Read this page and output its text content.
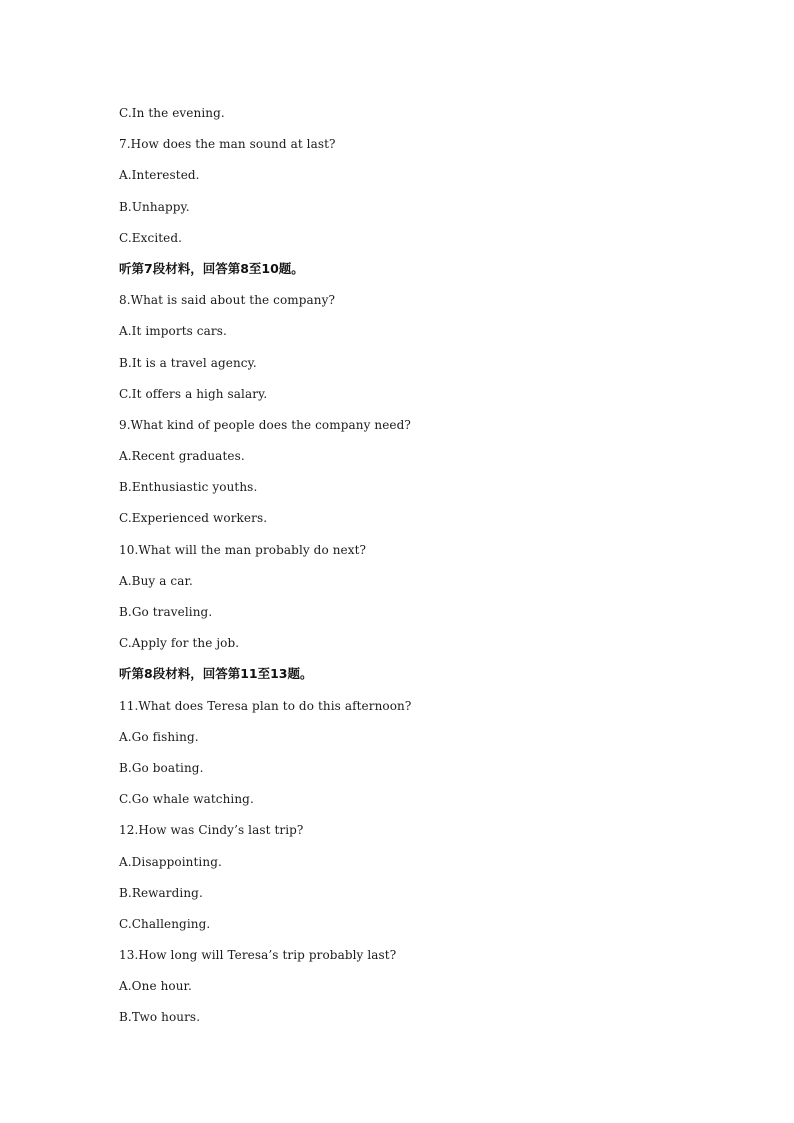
C.In the evening.
7.How does the man sound at last?
A.Interested.
B.Unhappy.
C.Excited.
听第7段材料，回答第8至10题。
8.What is said about the company?
A.It imports cars.
B.It is a travel agency.
C.It offers a high salary.
9.What kind of people does the company need?
A.Recent graduates.
B.Enthusiastic youths.
C.Experienced workers.
10.What will the man probably do next?
A.Buy a car.
B.Go traveling.
C.Apply for the job.
听第8段材料，回答第11至13题。
11.What does Teresa plan to do this afternoon?
A.Go fishing.
B.Go boating.
C.Go whale watching.
12.How was Cindy’s last trip?
A.Disappointing.
B.Rewarding.
C.Challenging.
13.How long will Teresa’s trip probably last?
A.One hour.
B.Two hours.
